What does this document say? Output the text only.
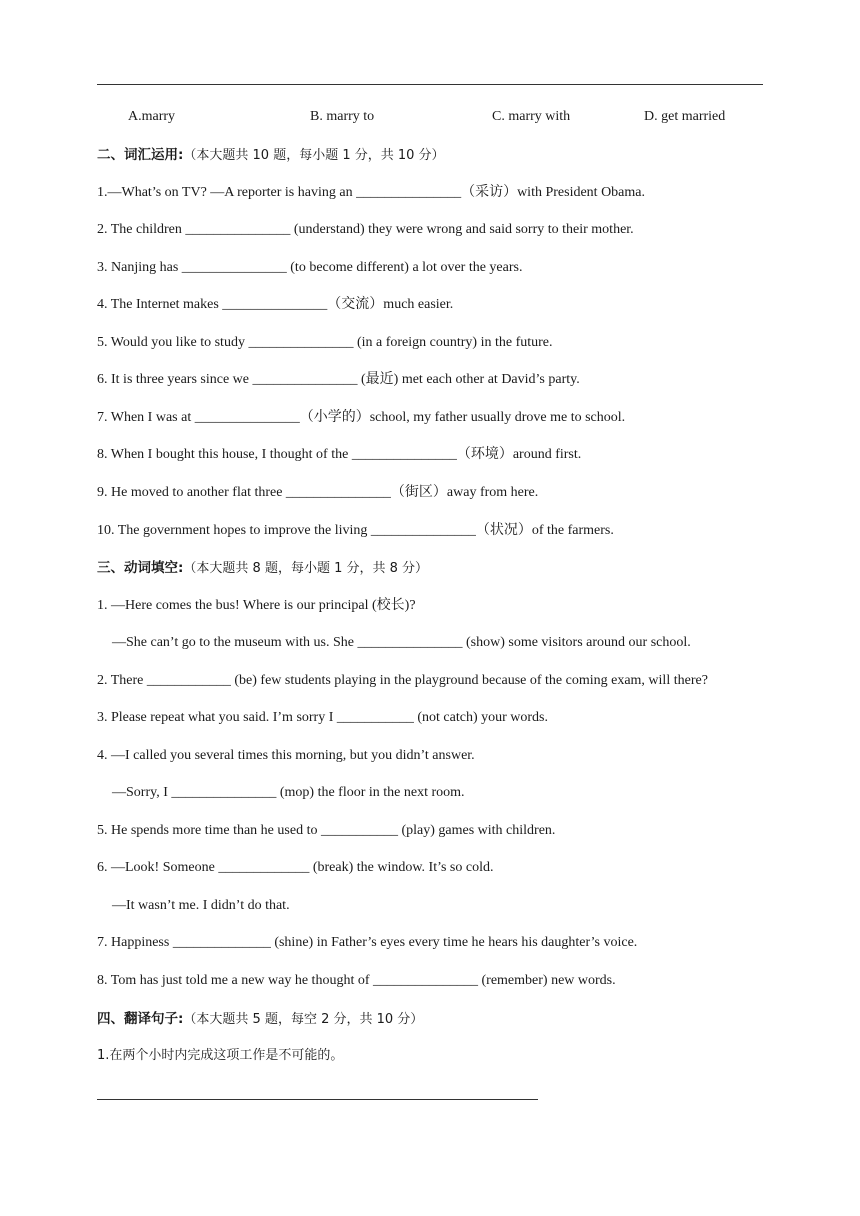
A.marry	B. marry to	C. marry with	D. get married
二、词汇运用:（本大题共 10 题，每小题 1 分，共 10 分）
1.—What’s on TV? —A reporter is having an _______________（采访）with President Obama.
2. The children _______________ (understand) they were wrong and said sorry to their mother.
3. Nanjing has _______________ (to become different) a lot over the years.
4. The Internet makes _______________（交流）much easier.
5. Would you like to study _______________ (in a foreign country) in the future.
6. It is three years since we _______________ (最近) met each other at David’s party.
7. When I was at _______________（小学的）school, my father usually drove me to school.
8. When I bought this house, I thought of the _______________（环境）around first.
9. He moved to another flat three _______________（街区）away from here.
10. The government hopes to improve the living _______________（状况）of the farmers.
三、动词填空:（本大题共 8 题，每小题 1 分，共 8 分）
1. —Here comes the bus! Where is our principal (校长)?
—She can’t go to the museum with us. She _______________ (show) some visitors around our school.
2. There ____________ (be) few students playing in the playground because of the coming exam, will there?
3. Please repeat what you said. I’m sorry I ___________ (not catch) your words.
4. —I called you several times this morning, but you didn’t answer.
—Sorry, I _______________ (mop) the floor in the next room.
5. He spends more time than he used to ___________ (play) games with children.
6. —Look! Someone _____________ (break) the window. It’s so cold.
—It wasn’t me. I didn’t do that.
7. Happiness ______________ (shine) in Father’s eyes every time he hears his daughter’s voice.
8. Tom has just told me a new way he thought of _______________ (remember) new words.
四、翻译句子:（本大题共 5 题，每空 2 分，共 10 分）
1.在两个小时内完成这项工作是不可能的。
